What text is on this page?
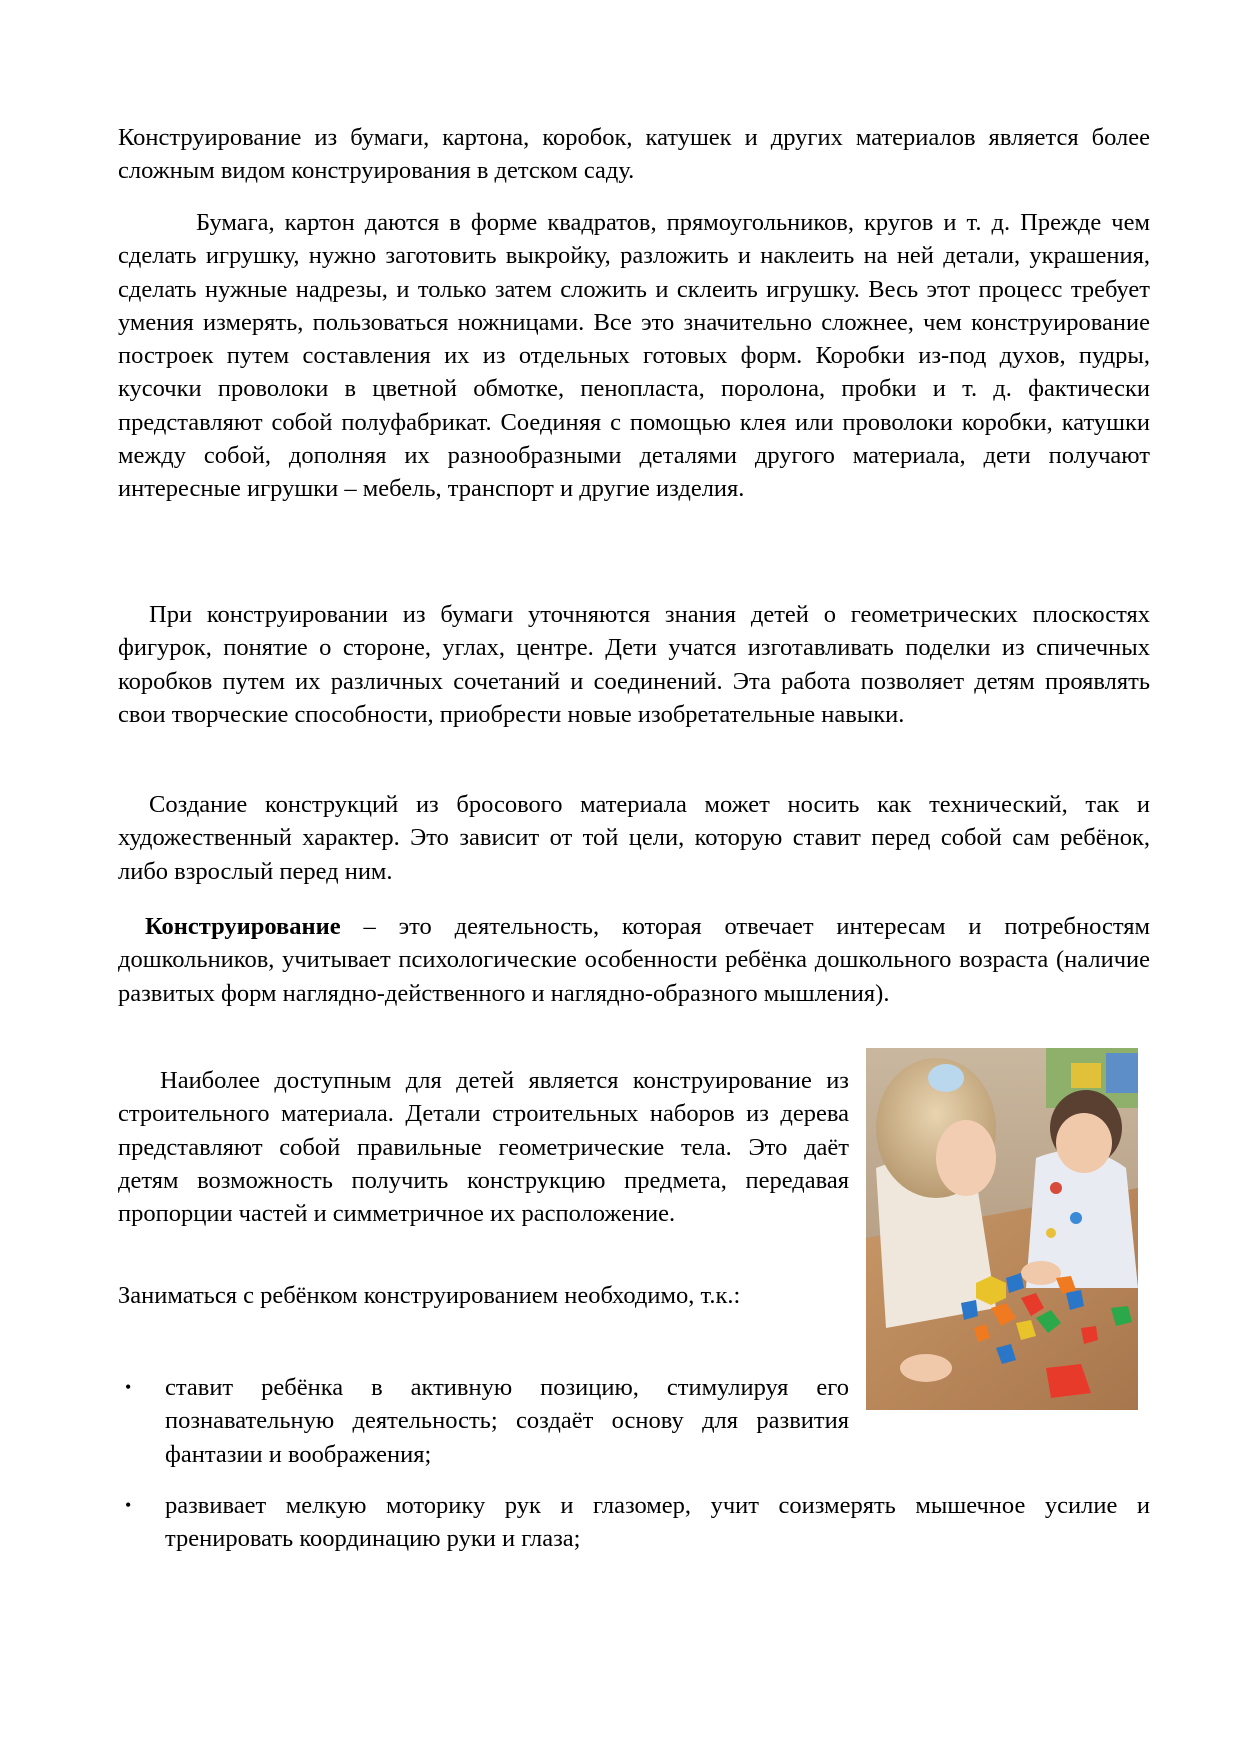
Конструирование из бумаги, картона, коробок, катушек и других материалов является более сложным видом конструирования в детском саду.

Бумага, картон даются в форме квадратов, прямоугольников, кругов и т. д. Прежде чем сделать игрушку, нужно заготовить выкройку, разложить и наклеить на ней детали, украшения, сделать нужные надрезы, и только затем сложить и склеить игрушку. Весь этот процесс требует умения измерять, пользоваться ножницами. Все это значительно сложнее, чем конструирование построек путем составления их из отдельных готовых форм. Коробки из-под духов, пудры, кусочки проволоки в цветной обмотке, пенопласта, поролона, пробки и т. д. фактически представляют собой полуфабрикат. Соединяя с помощью клея или проволоки коробки, катушки между собой, дополняя их разнообразными деталями другого материала, дети получают интересные игрушки – мебель, транспорт и другие изделия.

При конструировании из бумаги уточняются знания детей о геометрических плоскостях фигурок, понятие о стороне, углах, центре. Дети учатся изготавливать поделки из спичечных коробков путем их различных сочетаний и соединений. Эта работа позволяет детям проявлять свои творческие способности, приобрести новые изобретательные навыки.

Создание конструкций из бросового материала может носить как технический, так и художественный характер. Это зависит от той цели, которую ставит перед собой сам ребёнок, либо взрослый перед ним.

Конструирование – это деятельность, которая отвечает интересам и потребностям дошкольников, учитывает психологические особенности ребёнка дошкольного возраста (наличие развитых форм наглядно-действенного и наглядно-образного мышления).

Наиболее доступным для детей является конструирование из строительного материала. Детали строительных наборов из дерева представляют собой правильные геометрические тела. Это даёт детям возможность получить конструкцию предмета, передавая пропорции частей и симметричное их расположение.

Заниматься с ребёнком конструированием необходимо, т.к.:

• ставит ребёнка в активную позицию, стимулируя его познавательную деятельность; создаёт основу для развития фантазии и воображения;
• развивает мелкую моторику рук и глазомер, учит соизмерять мышечное усилие и тренировать координацию руки и глаза;
